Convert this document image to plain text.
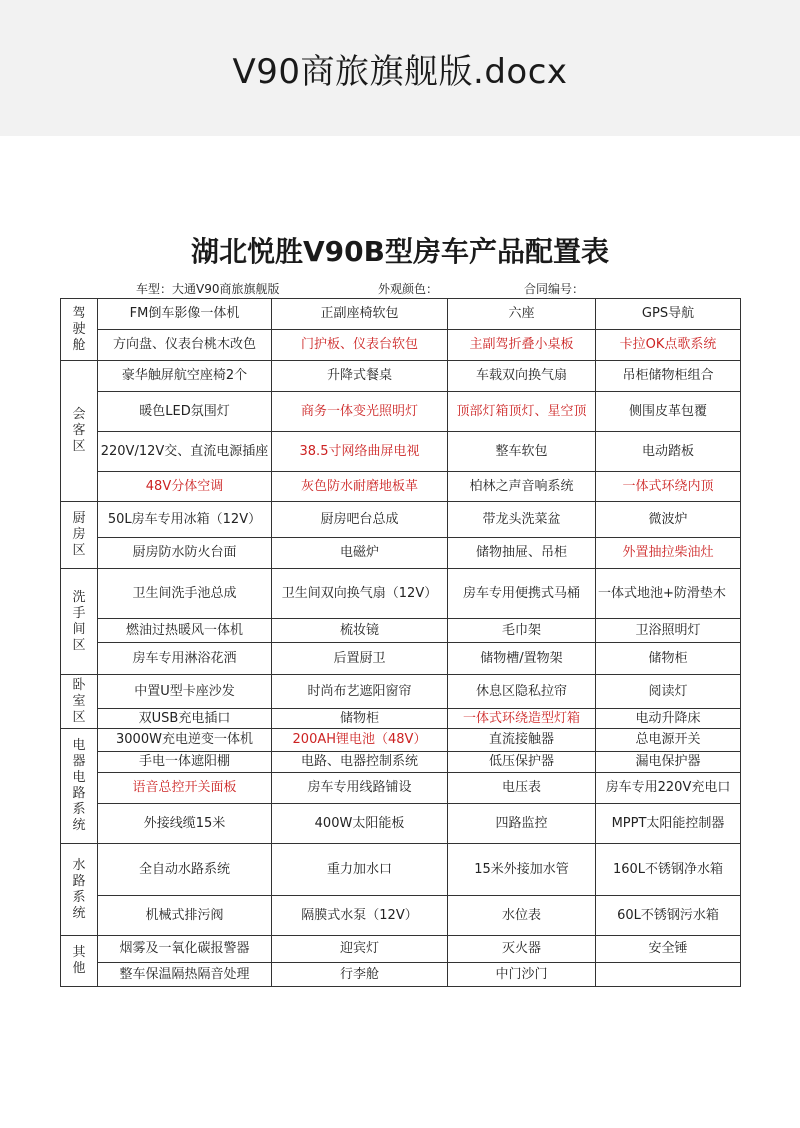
V90商旅旗舰版.docx
湖北悦胜V90B型房车产品配置表
车型：大通V90商旅旗舰版	外观颜色：	合同编号：
驾驶舱	FM倒车影像一体机	正副座椅软包	六座	GPS导航
	方向盘、仪表台桃木改色	门护板、仪表台软包	主副驾折叠小桌板	卡拉OK点歌系统
会客区	豪华触屏航空座椅2个	升降式餐桌	车载双向换气扇	吊柜储物柜组合
	暖色LED氛围灯	商务一体变光照明灯	顶部灯箱顶灯、星空顶	侧围皮革包覆
	220V/12V交、直流电源插座	38.5寸网络曲屏电视	整车软包	电动踏板
	48V分体空调	灰色防水耐磨地板革	柏林之声音响系统	一体式环绕内顶
厨房区	50L房车专用冰箱（12V）	厨房吧台总成	带龙头洗菜盆	微波炉
	厨房防水防火台面	电磁炉	储物抽屉、吊柜	外置抽拉柴油灶
洗手间区	卫生间洗手池总成	卫生间双向换气扇（12V）	房车专用便携式马桶	一体式地池+防滑垫木
	燃油过热暖风一体机	梳妆镜	毛巾架	卫浴照明灯
	房车专用淋浴花洒	后置厨卫	储物槽/置物架	储物柜
卧室区	中置U型卡座沙发	时尚布艺遮阳窗帘	休息区隐私拉帘	阅读灯
	双USB充电插口	储物柜	一体式环绕造型灯箱	电动升降床
电器电路系统	3000W充电逆变一体机	200AH锂电池（48V）	直流接触器	总电源开关
	手电一体遮阳棚	电路、电器控制系统	低压保护器	漏电保护器
	语音总控开关面板	房车专用线路铺设	电压表	房车专用220V充电口
	外接线缆15米	400W太阳能板	四路监控	MPPT太阳能控制器
水路系统	全自动水路系统	重力加水口	15米外接加水管	160L不锈钢净水箱
	机械式排污阀	隔膜式水泵（12V）	水位表	60L不锈钢污水箱
其他	烟雾及一氧化碳报警器	迎宾灯	灭火器	安全锤
	整车保温隔热隔音处理	行李舱	中门沙门	
